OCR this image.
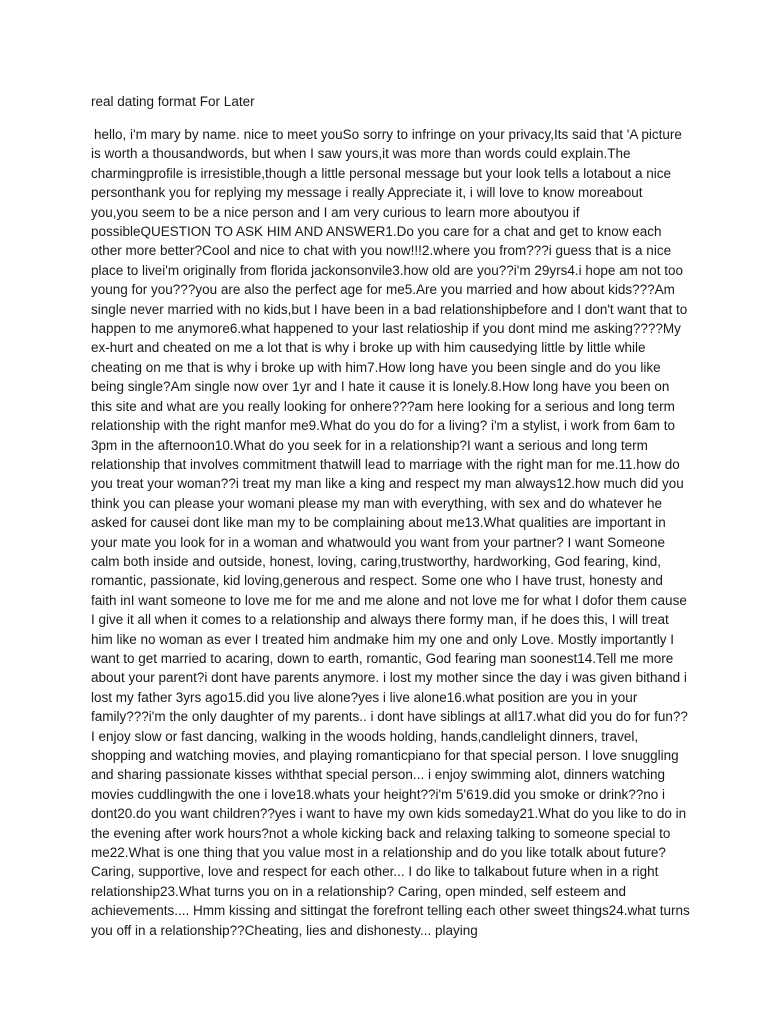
real dating format For Later
hello, i'm mary by name. nice to meet youSo sorry to infringe on your privacy,Its said that 'A picture is worth a thousandwords, but when I saw yours,it was more than words could explain.The charmingprofile is irresistible,though a little personal message but your look tells a lotabout a nice personthank you for replying my message i really Appreciate it, i will love to know moreabout you,you seem to be a nice person and I am very curious to learn more aboutyou if possibleQUESTION TO ASK HIM AND ANSWER1.Do you care for a chat and get to know each other more better?Cool and nice to chat with you now!!!2.where you from???i guess that is a nice place to livei'm originally from florida jackonsonvile3.how old are you??i'm 29yrs4.i hope am not too young for you???you are also the perfect age for me5.Are you married and how about kids???Am single never married with no kids,but I have been in a bad relationshipbefore and I don't want that to happen to me anymore6.what happened to your last relatioship if you dont mind me asking????My ex-hurt and cheated on me a lot that is why i broke up with him causedying little by little while cheating on me that is why i broke up with him7.How long have you been single and do you like being single?Am single now over 1yr and I hate it cause it is lonely.8.How long have you been on this site and what are you really looking for onhere???am here looking for a serious and long term relationship with the right manfor me9.What do you do for a living? i'm a stylist, i work from 6am to 3pm in the afternoon10.What do you seek for in a relationship?I want a serious and long term relationship that involves commitment thatwill lead to marriage with the right man for me.11.how do you treat your woman??i treat my man like a king and respect my man always12.how much did you think you can please your womani please my man with everything, with sex and do whatever he asked for causei dont like man my to be complaining about me13.What qualities are important in your mate you look for in a woman and whatwould you want from your partner? I want Someone calm both inside and outside, honest, loving, caring,trustworthy, hardworking, God fearing, kind, romantic, passionate, kid loving,generous and respect. Some one who I have trust, honesty and faith inI want someone to love me for me and me alone and not love me for what I dofor them cause I give it all when it comes to a relationship and always there formy man, if he does this, I will treat him like no woman as ever I treated him andmake him my one and only Love. Mostly importantly I want to get married to acaring, down to earth, romantic, God fearing man soonest14.Tell me more about your parent?i dont have parents anymore. i lost my mother since the day i was given bithand i lost my father 3yrs ago15.did you live alone?yes i live alone16.what position are you in your family???i'm the only daughter of my parents.. i dont have siblings at all17.what did you do for fun??I enjoy slow or fast dancing, walking in the woods holding, hands,candlelight dinners, travel, shopping and watching movies, and playing romanticpiano for that special person. I love snuggling and sharing passionate kisses withthat special person... i enjoy swimming alot, dinners watching movies cuddlingwith the one i love18.whats your height??i'm 5'619.did you smoke or drink??no i dont20.do you want children??yes i want to have my own kids someday21.What do you like to do in the evening after work hours?not a whole kicking back and relaxing talking to someone special to me22.What is one thing that you value most in a relationship and do you like totalk about future?Caring, supportive, love and respect for each other... I do like to talkabout future when in a right relationship23.What turns you on in a relationship? Caring, open minded, self esteem and achievements.... Hmm kissing and sittingat the forefront telling each other sweet things24.what turns you off in a relationship??Cheating, lies and dishonesty... playing
